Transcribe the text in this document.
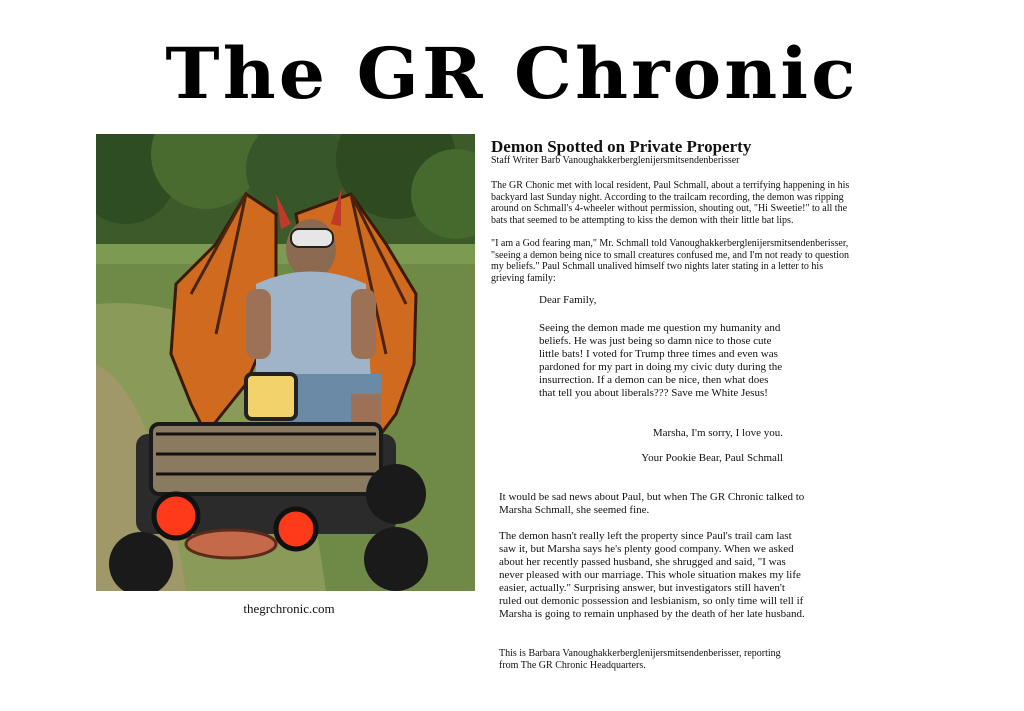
The GR Chronic
thegrchronic.com
Demon Spotted on Private Property
Staff Writer Barb Vanoughakkerberglenijersmitsendenberisser

The GR Chonic met with local resident, Paul Schmall, about a terrifying happening in his backyard last Sunday night. According to the trailcam recording, the demon was ripping around on Schmall's 4-wheeler without permission, shouting out, "Hi Sweetie!" to all the bats that seemed to be attempting to kiss the demon with their little bat lips.

"I am a God fearing man," Mr. Schmall told Vanoughakkerberglenijersmitsendenberisser, "seeing a demon being nice to small creatures confused me, and I'm not ready to question my beliefs." Paul Schmall unalived himself two nights later stating in a letter to his grieving family:

Dear Family,

Seeing the demon made me question my humanity and beliefs. He was just being so damn nice to those cute little bats! I voted for Trump three times and even was pardoned for my part in doing my civic duty during the insurrection. If a demon can be nice, then what does that tell you about liberals??? Save me White Jesus!

Marsha, I'm sorry, I love you.

Your Pookie Bear, Paul Schmall

It would be sad news about Paul, but when The GR Chronic talked to Marsha Schmall, she seemed fine.

The demon hasn't really left the property since Paul's trail cam last saw it, but Marsha says he's plenty good company. When we asked about her recently passed husband, she shrugged and said, "I was never pleased with our marriage. This whole situation makes my life easier, actually." Surprising answer, but investigators still haven't ruled out demonic possession and lesbianism, so only time will tell if Marsha is going to remain unphased by the death of her late husband.

This is Barbara Vanoughakkerberglenijersmitsendenberisser, reporting from The GR Chronic Headquarters.
